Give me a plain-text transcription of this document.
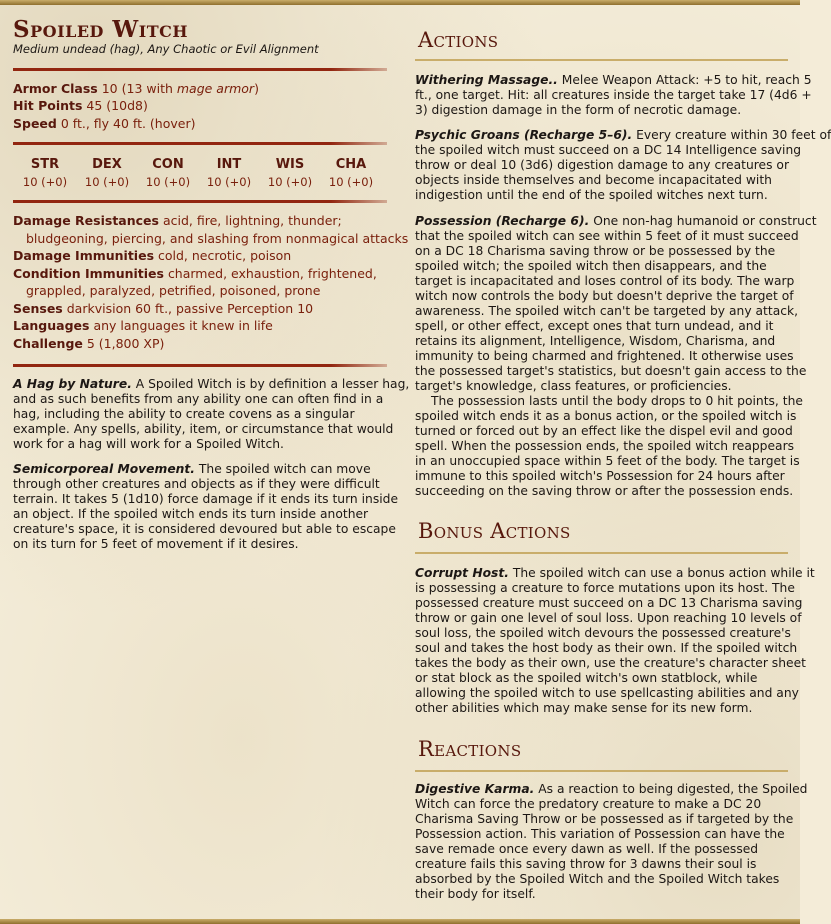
Spoiled Witch

Medium undead (hag), Any Chaotic or Evil Alignment

Armor Class 10 (13 with mage armor)
Hit Points 45 (10d8)
Speed 0 ft., fly 40 ft. (hover)
STR
10 (+0)
DEX
10 (+0)
CON
10 (+0)
INT
10 (+0)
WIS
10 (+0)
CHA
10 (+0)
Damage Resistances acid, fire, lightning, thunder;
bludgeoning, piercing, and slashing from nonmagical attacks
Damage Immunities cold, necrotic, poison
Condition Immunities charmed, exhaustion, frightened,
grappled, paralyzed, petrified, poisoned, prone
Senses darkvision 60 ft., passive Perception 10
Languages any languages it knew in life
Challenge 5 (1,800 XP)
A Hag by Nature. A Spoiled Witch is by definition a lesser hag,
and as such benefits from any ability one can often find in a
hag, including the ability to create covens as a singular
example. Any spells, ability, item, or circumstance that would
work for a hag will work for a Spoiled Witch.
Semicorporeal Movement. The spoiled witch can move
through other creatures and objects as if they were difficult
terrain. It takes 5 (1d10) force damage if it ends its turn inside
an object. If the spoiled witch ends its turn inside another
creature's space, it is considered devoured but able to escape
on its turn for 5 feet of movement if it desires.
Actions
Withering Massage.. Melee Weapon Attack: +5 to hit, reach 5
ft., one target. Hit: all creatures inside the target take 17 (4d6 +
3) digestion damage in the form of necrotic damage.
Psychic Groans (Recharge 5–6). Every creature within 30 feet of
the spoiled witch must succeed on a DC 14 Intelligence saving
throw or deal 10 (3d6) digestion damage to any creatures or
objects inside themselves and become incapacitated with
indigestion until the end of the spoiled witches next turn.
Possession (Recharge 6). One non-hag humanoid or construct
that the spoiled witch can see within 5 feet of it must succeed
on a DC 18 Charisma saving throw or be possessed by the
spoiled witch; the spoiled witch then disappears, and the
target is incapacitated and loses control of its body. The warp
witch now controls the body but doesn't deprive the target of
awareness. The spoiled witch can't be targeted by any attack,
spell, or other effect, except ones that turn undead, and it
retains its alignment, Intelligence, Wisdom, Charisma, and
immunity to being charmed and frightened. It otherwise uses
the possessed target's statistics, but doesn't gain access to the
target's knowledge, class features, or proficiencies.
The possession lasts until the body drops to 0 hit points, the
spoiled witch ends it as a bonus action, or the spoiled witch is
turned or forced out by an effect like the dispel evil and good
spell. When the possession ends, the spoiled witch reappears
in an unoccupied space within 5 feet of the body. The target is
immune to this spoiled witch's Possession for 24 hours after
succeeding on the saving throw or after the possession ends.
Bonus Actions
Corrupt Host. The spoiled witch can use a bonus action while it
is possessing a creature to force mutations upon its host. The
possessed creature must succeed on a DC 13 Charisma saving
throw or gain one level of soul loss. Upon reaching 10 levels of
soul loss, the spoiled witch devours the possessed creature's
soul and takes the host body as their own. If the spoiled witch
takes the body as their own, use the creature's character sheet
or stat block as the spoiled witch's own statblock, while
allowing the spoiled witch to use spellcasting abilities and any
other abilities which may make sense for its new form.
Reactions
Digestive Karma. As a reaction to being digested, the Spoiled
Witch can force the predatory creature to make a DC 20
Charisma Saving Throw or be possessed as if targeted by the
Possession action. This variation of Possession can have the
save remade once every dawn as well. If the possessed
creature fails this saving throw for 3 dawns their soul is
absorbed by the Spoiled Witch and the Spoiled Witch takes
their body for itself.
